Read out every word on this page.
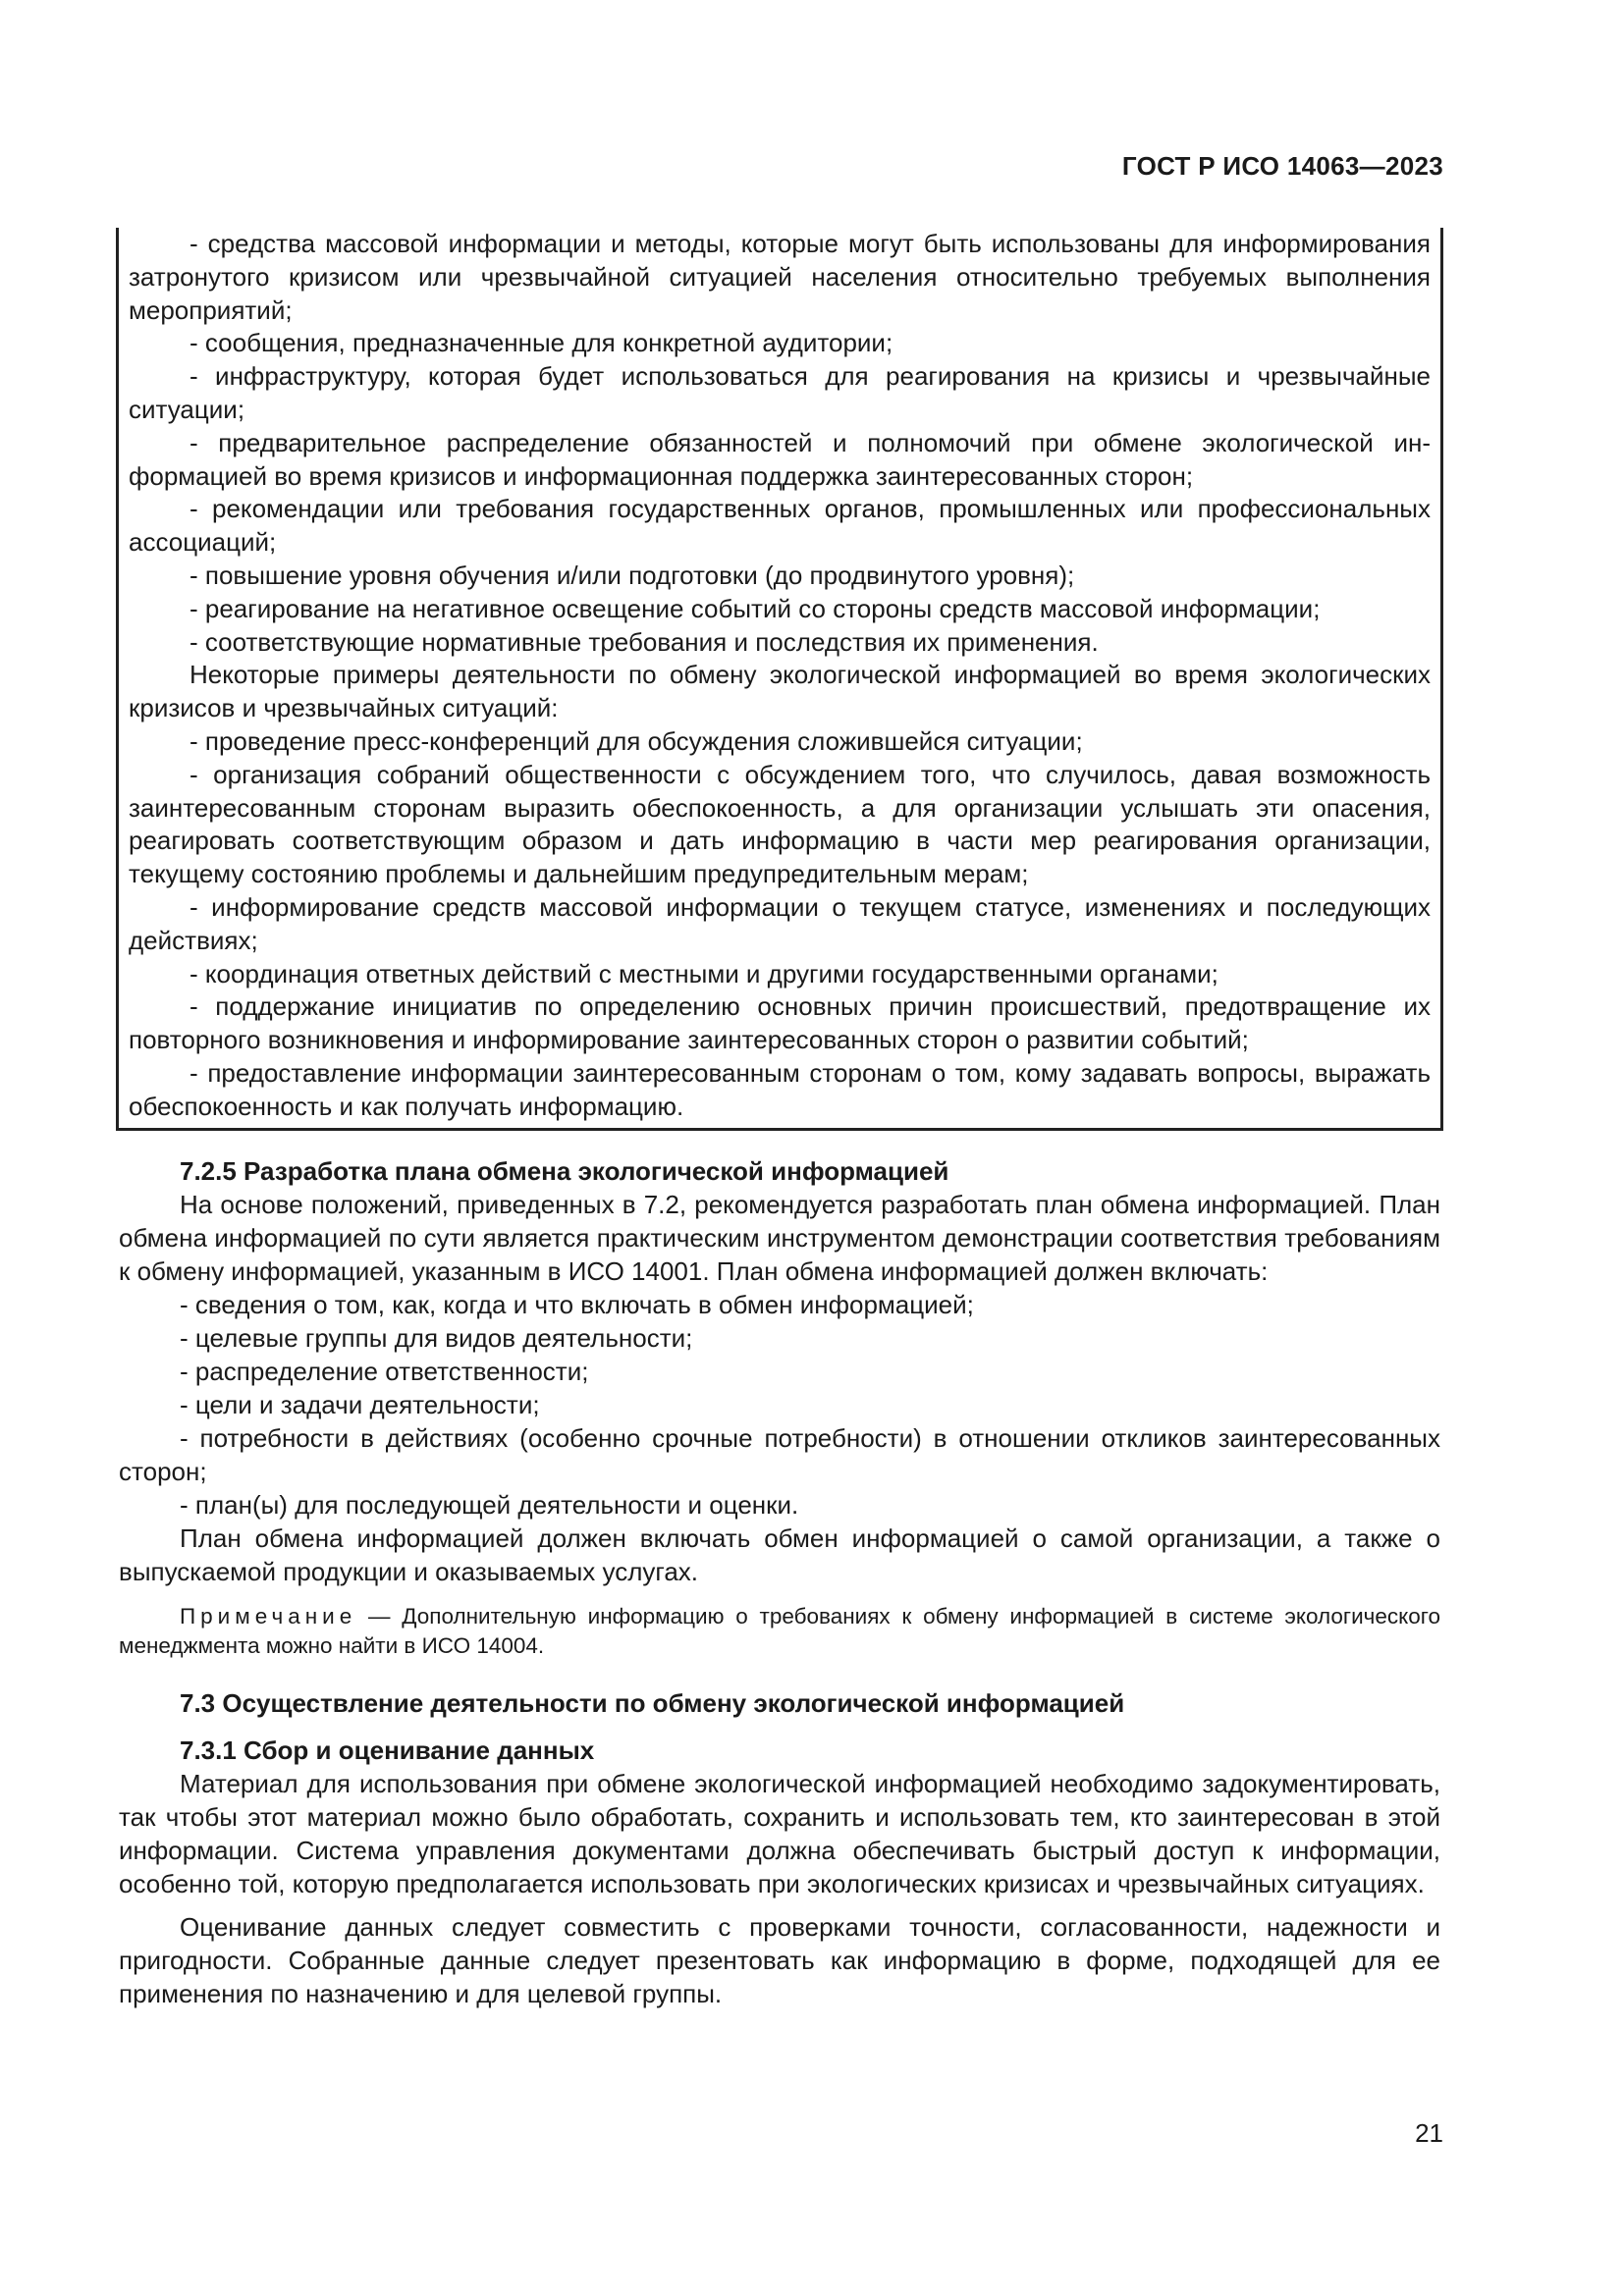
ГОСТ Р ИСО 14063—2023

- средства массовой информации и методы, которые могут быть использованы для информирования затронутого кризисом или чрезвычайной ситуацией населения относительно требуемых выполнения мероприятий;

- сообщения, предназначенные для конкретной аудитории;

- инфраструктуру, которая будет использоваться для реагирования на кризисы и чрезвычайные ситуации;

- предварительное распределение обязанностей и полномочий при обмене экологической информацией во время кризисов и информационная поддержка заинтересованных сторон;

- рекомендации или требования государственных органов, промышленных или профессиональных ассоциаций;

- повышение уровня обучения и/или подготовки (до продвинутого уровня);

- реагирование на негативное освещение событий со стороны средств массовой информации;

- соответствующие нормативные требования и последствия их применения.

Некоторые примеры деятельности по обмену экологической информацией во время экологических кризисов и чрезвычайных ситуаций:

- проведение пресс-конференций для обсуждения сложившейся ситуации;

- организация собраний общественности с обсуждением того, что случилось, давая возможность заинтересованным сторонам выразить обеспокоенность, а для организации услышать эти опасения, реагировать соответствующим образом и дать информацию в части мер реагирования организации, текущему состоянию проблемы и дальнейшим предупредительным мерам;

- информирование средств массовой информации о текущем статусе, изменениях и последующих действиях;

- координация ответных действий с местными и другими государственными органами;

- поддержание инициатив по определению основных причин происшествий, предотвращение их повторного возникновения и информирование заинтересованных сторон о развитии событий;

- предоставление информации заинтересованным сторонам о том, кому задавать вопросы, выражать обеспокоенность и как получать информацию.

7.2.5 Разработка плана обмена экологической информацией

На основе положений, приведенных в 7.2, рекомендуется разработать план обмена информацией. План обмена информацией по сути является практическим инструментом демонстрации соответствия требованиям к обмену информацией, указанным в ИСО 14001. План обмена информацией должен включать:

- сведения о том, как, когда и что включать в обмен информацией;

- целевые группы для видов деятельности;

- распределение ответственности;

- цели и задачи деятельности;

- потребности в действиях (особенно срочные потребности) в отношении откликов заинтересованных сторон;

- план(ы) для последующей деятельности и оценки.

План обмена информацией должен включать обмен информацией о самой организации, а также о выпускаемой продукции и оказываемых услугах.

Примечание — Дополнительную информацию о требованиях к обмену информацией в системе экологического менеджмента можно найти в ИСО 14004.
7.3 Осуществление деятельности по обмену экологической информацией
7.3.1 Сбор и оценивание данных

Материал для использования при обмене экологической информацией необходимо задокументировать, так чтобы этот материал можно было обработать, сохранить и использовать тем, кто заинтересован в этой информации. Система управления документами должна обеспечивать быстрый доступ к информации, особенно той, которую предполагается использовать при экологических кризисах и чрезвычайных ситуациях.

Оценивание данных следует совместить с проверками точности, согласованности, надежности и пригодности. Собранные данные следует презентовать как информацию в форме, подходящей для ее применения по назначению и для целевой группы.

21
